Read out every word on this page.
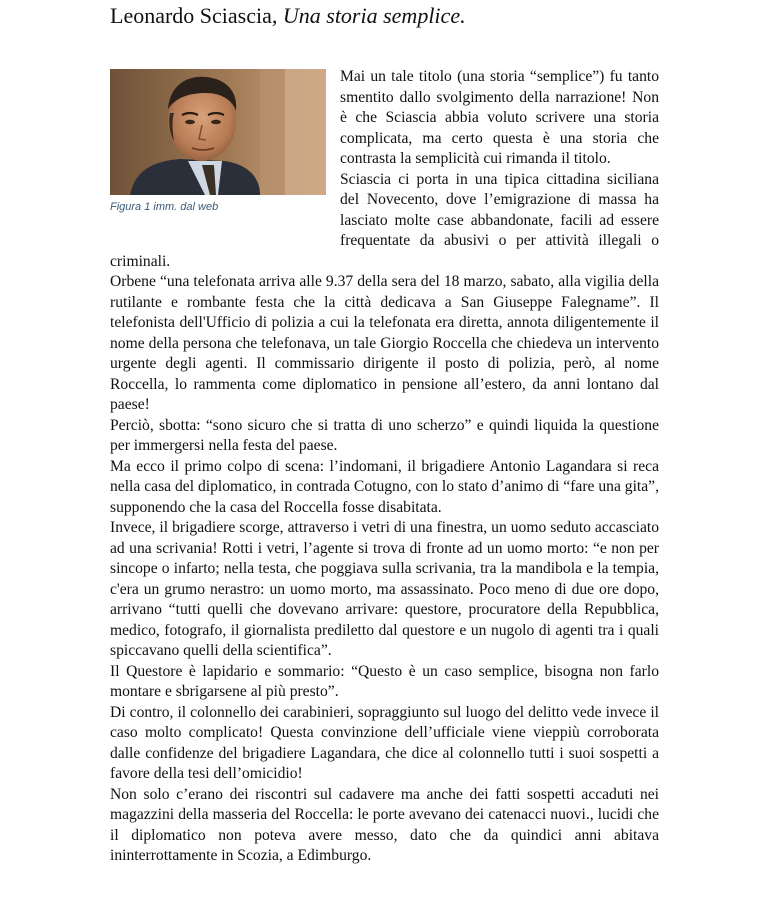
Leonardo Sciascia, Una storia semplice.
Figura 1 imm. dal web

Mai un tale titolo (una storia “semplice”) fu tanto smentito dallo svolgimento della narrazione! Non è che Sciascia abbia voluto scrivere una storia complicata, ma certo questa è una storia che contrasta la semplicità cui rimanda il titolo.

Sciascia ci porta in una tipica cittadina siciliana del Novecento, dove l’emigrazione di massa ha lasciato molte case abbandonate, facili ad essere frequentate da abusivi o per attività illegali o criminali.

Orbene “una telefonata arriva alle 9.37 della sera del 18 marzo, sabato, alla vigilia della rutilante e rombante festa che la città dedicava a San Giuseppe Falegname”. Il telefonista dell'Ufficio di polizia a cui la telefonata era diretta, annota diligentemente il nome della persona che telefonava, un tale Giorgio Roccella che chiedeva un intervento urgente degli agenti. Il commissario dirigente il posto di polizia, però, al nome Roccella, lo rammenta come diplomatico in pensione all’estero, da anni lontano dal paese!

Perciò, sbotta: “sono sicuro che si tratta di uno scherzo” e quindi liquida la questione per immergersi nella festa del paese.

Ma ecco il primo colpo di scena: l’indomani, il brigadiere Antonio Lagandara si reca nella casa del diplomatico, in contrada Cotugno, con lo stato d’animo di “fare una gita”, supponendo che la casa del Roccella fosse disabitata.

Invece, il brigadiere scorge, attraverso i vetri di una finestra, un uomo seduto accasciato ad una scrivania! Rotti i vetri, l’agente si trova di fronte ad un uomo morto: “e non per sincope o infarto; nella testa, che poggiava sulla scrivania, tra la mandibola e la tempia, c'era un grumo nerastro: un uomo morto, ma assassinato. Poco meno di due ore dopo, arrivano “tutti quelli che dovevano arrivare: questore, procuratore della Repubblica, medico, fotografo, il giornalista prediletto dal questore e un nugolo di agenti tra i quali spiccavano quelli della scientifica”.

Il Questore è lapidario e sommario: “Questo è un caso semplice, bisogna non farlo montare e sbrigarsene al più presto”.

Di contro, il colonnello dei carabinieri, sopraggiunto sul luogo del delitto vede invece il caso molto complicato! Questa convinzione dell’ufficiale viene vieppiù corroborata dalle confidenze del brigadiere Lagandara, che dice al colonnello tutti i suoi sospetti a favore della tesi dell’omicidio!

Non solo c’erano dei riscontri sul cadavere ma anche dei fatti sospetti accaduti nei magazzini della masseria del Roccella: le porte avevano dei catenacci nuovi., lucidi che il diplomatico non poteva avere messo, dato che da quindici anni abitava ininterrottamente in Scozia, a Edimburgo.
